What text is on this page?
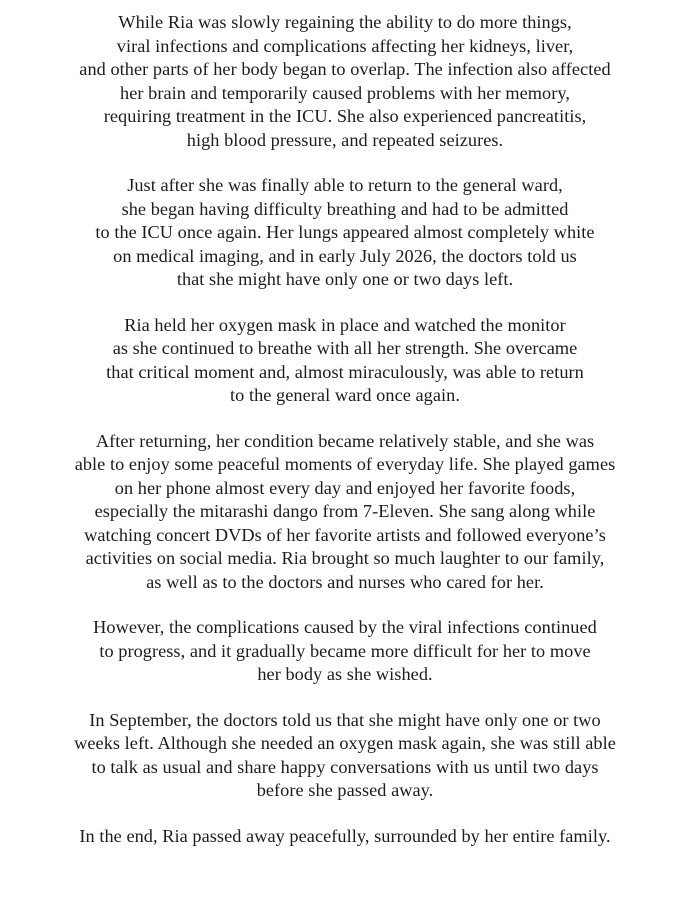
While Ria was slowly regaining the ability to do more things,
viral infections and complications affecting her kidneys, liver,
and other parts of her body began to overlap. The infection also affected
her brain and temporarily caused problems with her memory,
requiring treatment in the ICU. She also experienced pancreatitis,
high blood pressure, and repeated seizures.

Just after she was finally able to return to the general ward,
she began having difficulty breathing and had to be admitted
to the ICU once again. Her lungs appeared almost completely white
on medical imaging, and in early July 2026, the doctors told us
that she might have only one or two days left.

Ria held her oxygen mask in place and watched the monitor
as she continued to breathe with all her strength. She overcame
that critical moment and, almost miraculously, was able to return
to the general ward once again.

After returning, her condition became relatively stable, and she was
able to enjoy some peaceful moments of everyday life. She played games
on her phone almost every day and enjoyed her favorite foods,
especially the mitarashi dango from 7-Eleven. She sang along while
watching concert DVDs of her favorite artists and followed everyone’s
activities on social media. Ria brought so much laughter to our family,
as well as to the doctors and nurses who cared for her.

However, the complications caused by the viral infections continued
to progress, and it gradually became more difficult for her to move
her body as she wished.

In September, the doctors told us that she might have only one or two
weeks left. Although she needed an oxygen mask again, she was still able
to talk as usual and share happy conversations with us until two days
before she passed away.

In the end, Ria passed away peacefully, surrounded by her entire family.
